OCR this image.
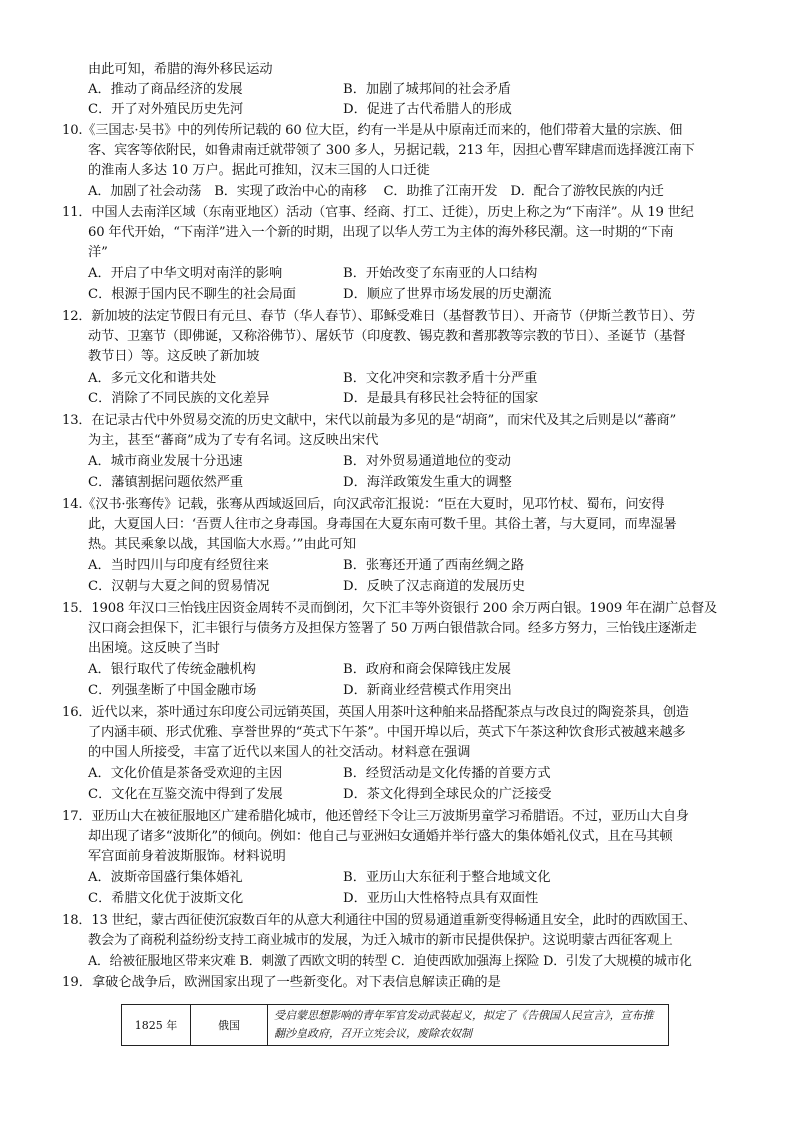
由此可知，希腊的海外移民运动
A．推动了商品经济的发展	B．加剧了城邦间的社会矛盾
C．开了对外殖民历史先河	D．促进了古代希腊人的形成
10.《三国志·吴书》中的列传所记载的 60 位大臣，约有一半是从中原南迁而来的，他们带着大量的宗族、佃
客、宾客等依附民，如鲁肃南迁就带领了 300 多人，另据记载，213 年，因担心曹军肆虐而选择渡江南下
的淮南人多达 10 万户。据此可推知，汉末三国的人口迁徙
A．加剧了社会动荡　B．实现了政治中心的南移　 C．助推了江南开发　D．配合了游牧民族的内迁
11．中国人去南洋区域（东南亚地区）活动（官事、经商、打工、迁徙），历史上称之为“下南洋”。从 19 世纪
60 年代开始，“下南洋”进入一个新的时期，出现了以华人劳工为主体的海外移民潮。这一时期的“下南
洋”
A．开启了中华文明对南洋的影响	B．开始改变了东南亚的人口结构
C．根源于国内民不聊生的社会局面	D．顺应了世界市场发展的历史潮流
12．新加坡的法定节假日有元旦、春节（华人春节）、耶稣受难日（基督教节日）、开斋节（伊斯兰教节日）、劳
动节、卫塞节（即佛诞，又称浴佛节）、屠妖节（印度教、锡克教和耆那教等宗教的节日）、圣诞节（基督
教节日）等。这反映了新加坡
A．多元文化和谐共处	B．文化冲突和宗教矛盾十分严重
C．消除了不同民族的文化差异	D．是最具有移民社会特征的国家
13．在记录古代中外贸易交流的历史文献中，宋代以前最为多见的是“胡商”，而宋代及其之后则是以“蕃商”
为主，甚至“蕃商”成为了专有名词。这反映出宋代
A．城市商业发展十分迅速	B．对外贸易通道地位的变动
C．藩镇割据问题依然严重	D．海洋政策发生重大的调整
14.《汉书·张骞传》记载，张骞从西域返回后，向汉武帝汇报说：“臣在大夏时，见邛竹杖、蜀布，问安得
此，大夏国人曰：‘吾贾人往市之身毒国。身毒国在大夏东南可数千里。其俗土著，与大夏同，而卑湿暑
热。其民乘象以战，其国临大水焉。’”由此可知
A．当时四川与印度有经贸往来	B．张骞还开通了西南丝绸之路
C．汉朝与大夏之间的贸易情况	D．反映了汉志商道的发展历史
15．1908 年汉口三怡钱庄因资金周转不灵而倒闭，欠下汇丰等外资银行 200 余万两白银。1909 年在湖广总督及
汉口商会担保下，汇丰银行与债务方及担保方签署了 50 万两白银借款合同。经多方努力，三怡钱庄逐渐走
出困境。这反映了当时
A．银行取代了传统金融机构	B．政府和商会保障钱庄发展
C．列强垄断了中国金融市场	D．新商业经营模式作用突出
16．近代以来，茶叶通过东印度公司远销英国，英国人用茶叶这种舶来品搭配茶点与改良过的陶瓷茶具，创造
了内涵丰硕、形式优雅、享誉世界的“英式下午茶”。中国开埠以后，英式下午茶这种饮食形式被越来越多
的中国人所接受，丰富了近代以来国人的社交活动。材料意在强调
A．文化价值是茶备受欢迎的主因	B．经贸活动是文化传播的首要方式
C．文化在互鉴交流中得到了发展	D．茶文化得到全球民众的广泛接受
17．亚历山大在被征服地区广建希腊化城市，他还曾经下令让三万波斯男童学习希腊语。不过，亚历山大自身
却出现了诸多“波斯化”的倾向。例如：他自己与亚洲妇女通婚并举行盛大的集体婚礼仪式，且在马其顿
军宫面前身着波斯服饰。材料说明
A．波斯帝国盛行集体婚礼	B．亚历山大东征利于整合地域文化
C．希腊文化优于波斯文化	D．亚历山大性格特点具有双面性
18．13 世纪，蒙古西征使沉寂数百年的从意大利通往中国的贸易通道重新变得畅通且安全，此时的西欧国王、
教会为了商税利益纷纷支持工商业城市的发展，为迁入城市的新市民提供保护。这说明蒙古西征客观上
A．给被征服地区带来灾难 B．刺激了西欧文明的转型 C．迫使西欧加强海上探险 D．引发了大规模的城市化
19．拿破仑战争后，欧洲国家出现了一些新变化。对下表信息解读正确的是
1825 年	俄国	受启蒙思想影响的青年军官发动武装起义，拟定了《告俄国人民宣言》，宣布推翻沙皇政府，召开立宪会议，废除农奴制
